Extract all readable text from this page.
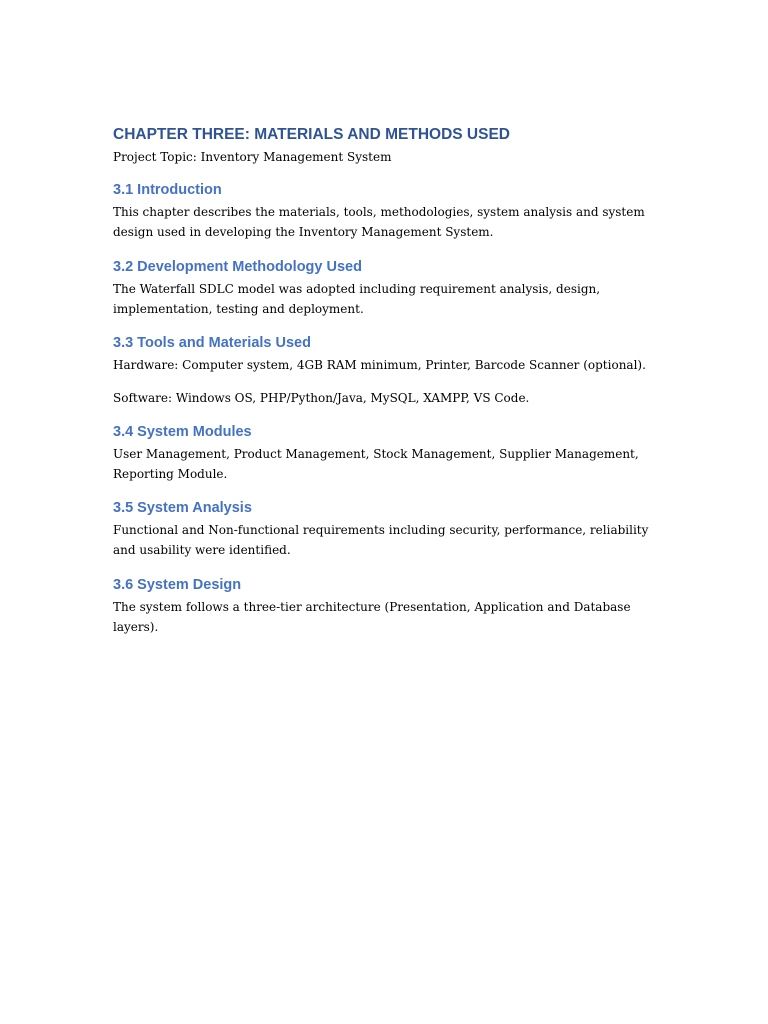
CHAPTER THREE: MATERIALS AND METHODS USED

Project Topic: Inventory Management System

3.1 Introduction

This chapter describes the materials, tools, methodologies, system analysis and system design used in developing the Inventory Management System.

3.2 Development Methodology Used

The Waterfall SDLC model was adopted including requirement analysis, design, implementation, testing and deployment.

3.3 Tools and Materials Used

Hardware: Computer system, 4GB RAM minimum, Printer, Barcode Scanner (optional).

Software: Windows OS, PHP/Python/Java, MySQL, XAMPP, VS Code.

3.4 System Modules

User Management, Product Management, Stock Management, Supplier Management, Reporting Module.

3.5 System Analysis

Functional and Non-functional requirements including security, performance, reliability and usability were identified.

3.6 System Design

The system follows a three-tier architecture (Presentation, Application and Database layers).
